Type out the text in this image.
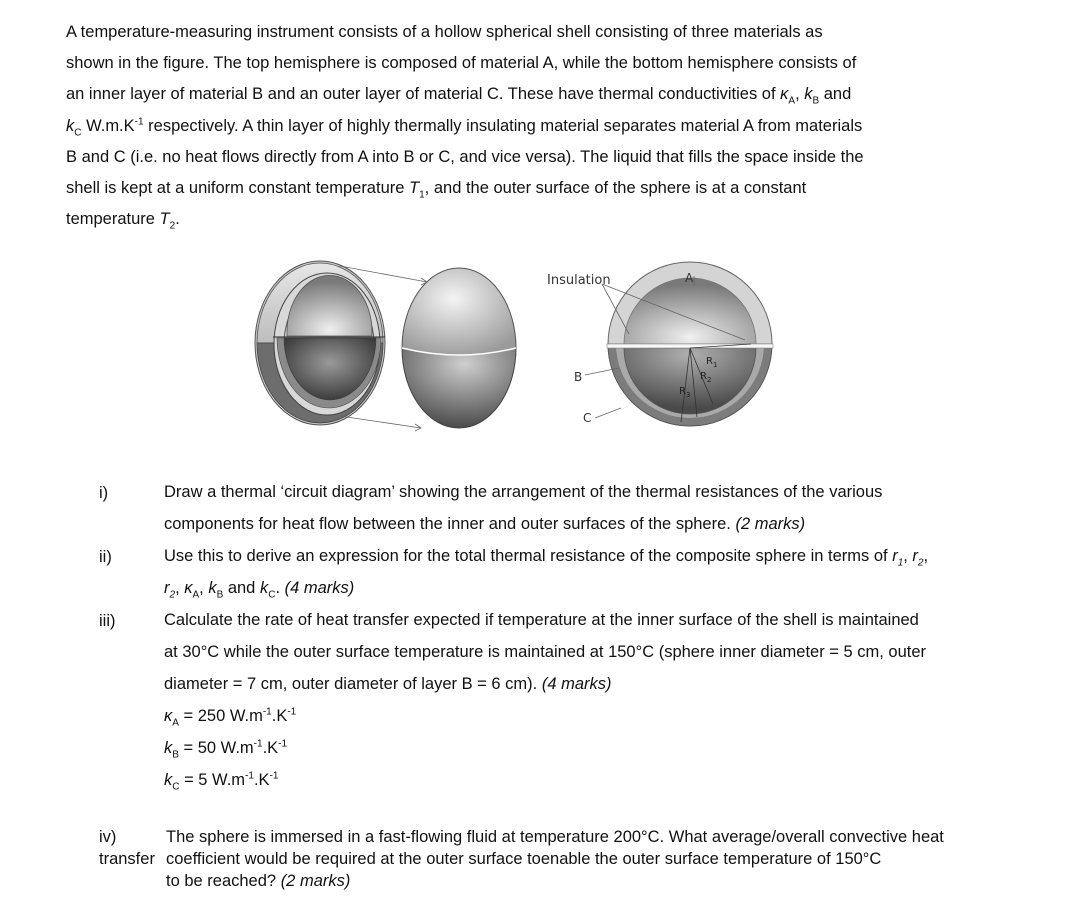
A temperature-measuring instrument consists of a hollow spherical shell consisting of three materials as
shown in the figure. The top hemisphere is composed of material A, while the bottom hemisphere consists of
an inner layer of material B and an outer layer of material C. These have thermal conductivities of $\kappa_A$, $k_B$ and
$k_C$ $W.m.K^{-1}$ respectively. A thin layer of highly thermally insulating material separates material A from materials
B and C (i.e. no heat flows directly from A into B or C, and vice versa). The liquid that fills the space inside the
shell is kept at a uniform constant temperature $T_1$, and the outer surface of the sphere is at a constant
temperature $T_2$.
Insulation	A
B
C
$R_1$
$R_2$
$R_3$
i)	Draw a thermal ‘circuit diagram’ showing the arrangement of the thermal resistances of the various
components for heat flow between the inner and outer surfaces of the sphere. (2 marks)
ii)	Use this to derive an expression for the total thermal resistance of the composite sphere in terms of $r_1$, $r_2$,
$r_2$, $\kappa_A$, $k_B$ and $k_C$. (4 marks)
iii)	Calculate the rate of heat transfer expected if temperature at the inner surface of the shell is maintained
at 30°C while the outer surface temperature is maintained at 150°C (sphere inner diameter = 5 cm, outer
diameter = 7 cm, outer diameter of layer B = 6 cm). (4 marks)
$\kappa_A = 250$ $W.m^{-1}.K^{-1}$
$k_B = 50$ $W.m^{-1}.K^{-1}$
$k_C = 5$ $W.m^{-1}.K^{-1}$
iv)	The sphere is immersed in a fast-flowing fluid at temperature 200°C. What average/overall convective heat
transfer coefficient would be required at the outer surface toenable the outer surface temperature of 150°C
to be reached? (2 marks)
